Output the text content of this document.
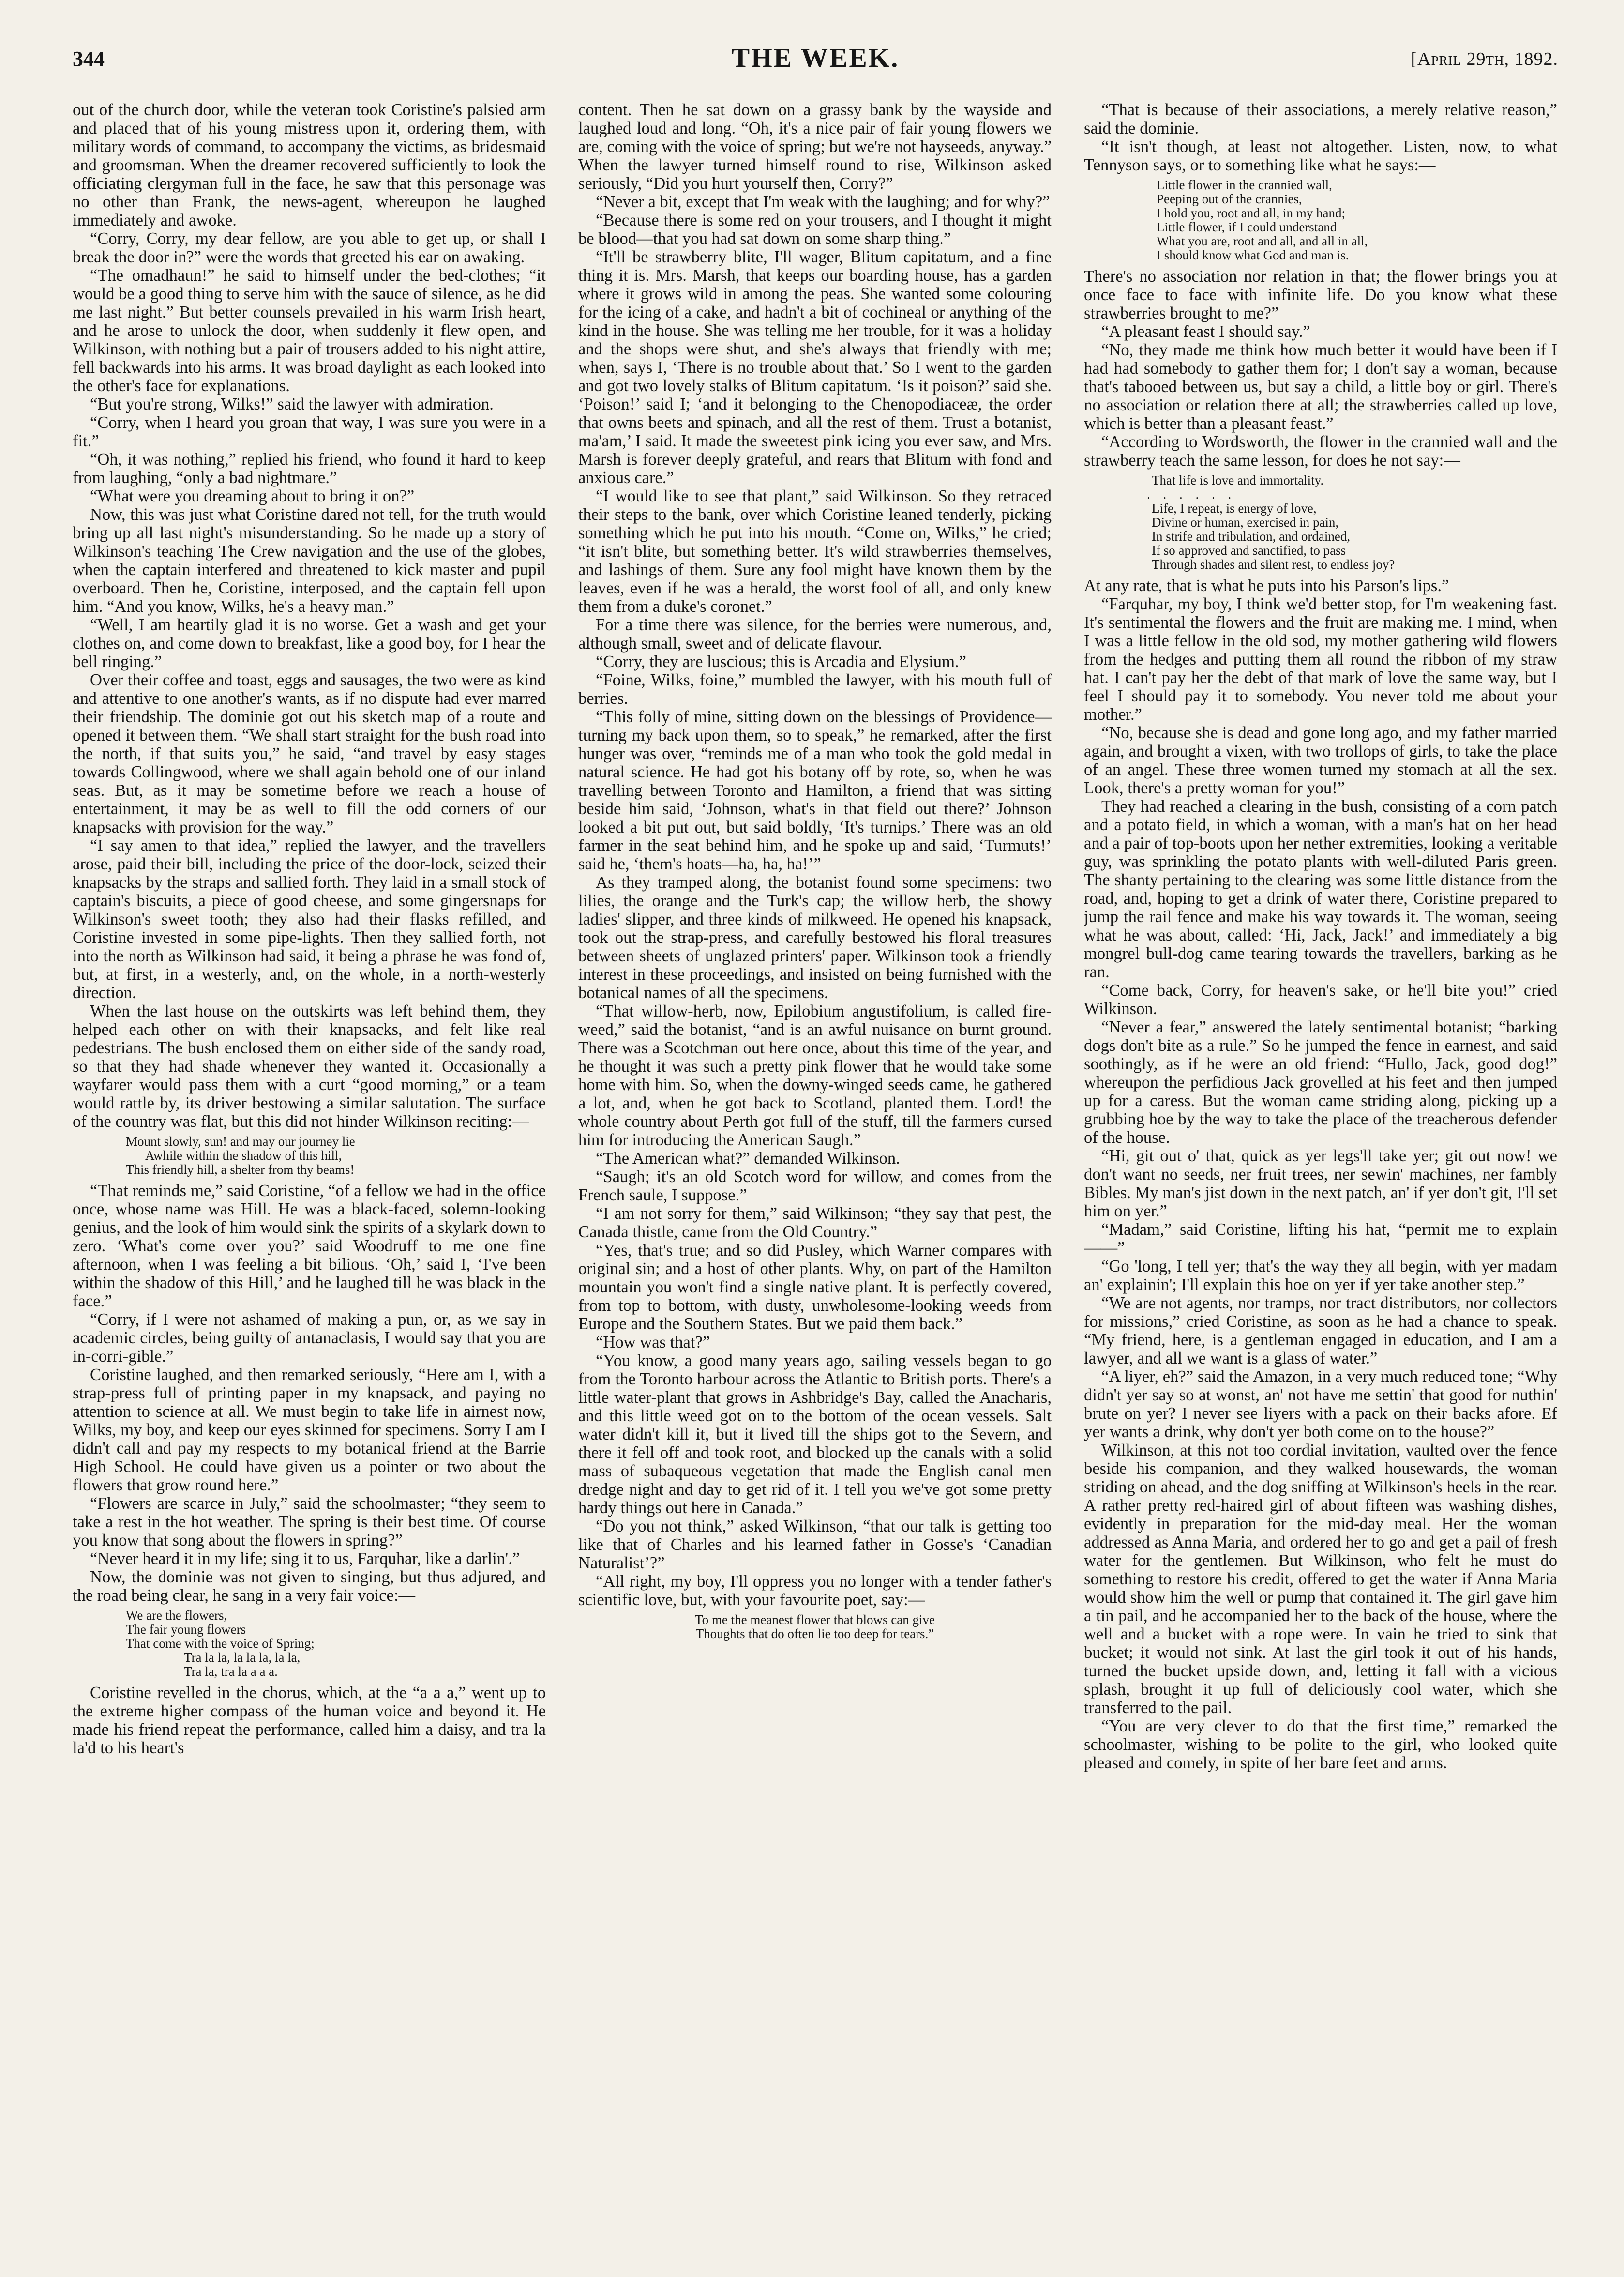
344	THE WEEK.	[April 29th, 1892.

out of the church door, while the veteran took Coristine's palsied arm and placed that of his young mistress upon it, ordering them, with military words of command, to accompany the victims, as bridesmaid and groomsman. When the dreamer recovered sufficiently to look the officiating clergyman full in the face, he saw that this personage was no other than Frank, the news-agent, whereupon he laughed immediately and awoke.

“Corry, Corry, my dear fellow, are you able to get up, or shall I break the door in?” were the words that greeted his ear on awaking.

“The omadhaun!” he said to himself under the bed-clothes; “it would be a good thing to serve him with the sauce of silence, as he did me last night.” But better counsels prevailed in his warm Irish heart, and he arose to unlock the door, when suddenly it flew open, and Wilkinson, with nothing but a pair of trousers added to his night attire, fell backwards into his arms. It was broad daylight as each looked into the other's face for explanations.

“But you're strong, Wilks!” said the lawyer with admiration.

“Corry, when I heard you groan that way, I was sure you were in a fit.”

“Oh, it was nothing,” replied his friend, who found it hard to keep from laughing, “only a bad nightmare.”

“What were you dreaming about to bring it on?”

Now, this was just what Coristine dared not tell, for the truth would bring up all last night's misunderstanding. So he made up a story of Wilkinson's teaching The Crew navigation and the use of the globes, when the captain interfered and threatened to kick master and pupil overboard. Then he, Coristine, interposed, and the captain fell upon him. “And you know, Wilks, he's a heavy man.”

“Well, I am heartily glad it is no worse. Get a wash and get your clothes on, and come down to breakfast, like a good boy, for I hear the bell ringing.”

Over their coffee and toast, eggs and sausages, the two were as kind and attentive to one another's wants, as if no dispute had ever marred their friendship. The dominie got out his sketch map of a route and opened it between them. “We shall start straight for the bush road into the north, if that suits you,” he said, “and travel by easy stages towards Collingwood, where we shall again behold one of our inland seas. But, as it may be sometime before we reach a house of entertainment, it may be as well to fill the odd corners of our knapsacks with provision for the way.”

“I say amen to that idea,” replied the lawyer, and the travellers arose, paid their bill, including the price of the door-lock, seized their knapsacks by the straps and sallied forth. They laid in a small stock of captain's biscuits, a piece of good cheese, and some gingersnaps for Wilkinson's sweet tooth; they also had their flasks refilled, and Coristine invested in some pipe-lights. Then they sallied forth, not into the north as Wilkinson had said, it being a phrase he was fond of, but, at first, in a westerly, and, on the whole, in a north-westerly direction.

When the last house on the outskirts was left behind them, they helped each other on with their knapsacks, and felt like real pedestrians. The bush enclosed them on either side of the sandy road, so that they had shade whenever they wanted it. Occasionally a wayfarer would pass them with a curt “good morning,” or a team would rattle by, its driver bestowing a similar salutation. The surface of the country was flat, but this did not hinder Wilkinson reciting:—

Mount slowly, sun! and may our journey lie
Awhile within the shadow of this hill,
This friendly hill, a shelter from thy beams!

“That reminds me,” said Coristine, “of a fellow we had in the office once, whose name was Hill. He was a black-faced, solemn-looking genius, and the look of him would sink the spirits of a skylark down to zero. ‘What's come over you?’ said Woodruff to me one fine afternoon, when I was feeling a bit bilious. ‘Oh,’ said I, ‘I've been within the shadow of this Hill,’ and he laughed till he was black in the face.”

“Corry, if I were not ashamed of making a pun, or, as we say in academic circles, being guilty of antanaclasis, I would say that you are in-corri-gible.”

Coristine laughed, and then remarked seriously, “Here am I, with a strap-press full of printing paper in my knapsack, and paying no attention to science at all. We must begin to take life in airnest now, Wilks, my boy, and keep our eyes skinned for specimens. Sorry I am I didn't call and pay my respects to my botanical friend at the Barrie High School. He could have given us a pointer or two about the flowers that grow round here.”

“Flowers are scarce in July,” said the schoolmaster; “they seem to take a rest in the hot weather. The spring is their best time. Of course you know that song about the flowers in spring?”

“Never heard it in my life; sing it to us, Farquhar, like a darlin'.”

Now, the dominie was not given to singing, but thus adjured, and the road being clear, he sang in a very fair voice:—

We are the flowers,
The fair young flowers
That come with the voice of Spring;
Tra la la, la la la, la la,
Tra la, tra la a a a.

Coristine revelled in the chorus, which, at the “a a a,” went up to the extreme higher compass of the human voice and beyond it. He made his friend repeat the performance, called him a daisy, and tra la la'd to his heart's

content. Then he sat down on a grassy bank by the wayside and laughed loud and long. “Oh, it's a nice pair of fair young flowers we are, coming with the voice of spring; but we're not hayseeds, anyway.” When the lawyer turned himself round to rise, Wilkinson asked seriously, “Did you hurt yourself then, Corry?”

“Never a bit, except that I'm weak with the laughing; and for why?”

“Because there is some red on your trousers, and I thought it might be blood—that you had sat down on some sharp thing.”

“It'll be strawberry blite, I'll wager, Blitum capitatum, and a fine thing it is. Mrs. Marsh, that keeps our boarding house, has a garden where it grows wild in among the peas. She wanted some colouring for the icing of a cake, and hadn't a bit of cochineal or anything of the kind in the house. She was telling me her trouble, for it was a holiday and the shops were shut, and she's always that friendly with me; when, says I, ‘There is no trouble about that.’ So I went to the garden and got two lovely stalks of Blitum capitatum. ‘Is it poison?’ said she. ‘Poison!’ said I; ‘and it belonging to the Chenopodiaceæ, the order that owns beets and spinach, and all the rest of them. Trust a botanist, ma'am,’ I said. It made the sweetest pink icing you ever saw, and Mrs. Marsh is forever deeply grateful, and rears that Blitum with fond and anxious care.”

“I would like to see that plant,” said Wilkinson. So they retraced their steps to the bank, over which Coristine leaned tenderly, picking something which he put into his mouth. “Come on, Wilks,” he cried; “it isn't blite, but something better. It's wild strawberries themselves, and lashings of them. Sure any fool might have known them by the leaves, even if he was a herald, the worst fool of all, and only knew them from a duke's coronet.”

For a time there was silence, for the berries were numerous, and, although small, sweet and of delicate flavour.

“Corry, they are luscious; this is Arcadia and Elysium.”

“Foine, Wilks, foine,” mumbled the lawyer, with his mouth full of berries.

“This folly of mine, sitting down on the blessings of Providence—turning my back upon them, so to speak,” he remarked, after the first hunger was over, “reminds me of a man who took the gold medal in natural science. He had got his botany off by rote, so, when he was travelling between Toronto and Hamilton, a friend that was sitting beside him said, ‘Johnson, what's in that field out there?’ Johnson looked a bit put out, but said boldly, ‘It's turnips.’ There was an old farmer in the seat behind him, and he spoke up and said, ‘Turmuts!’ said he, ‘them's hoats—ha, ha, ha!’”

As they tramped along, the botanist found some specimens: two lilies, the orange and the Turk's cap; the willow herb, the showy ladies' slipper, and three kinds of milkweed. He opened his knapsack, took out the strap-press, and carefully bestowed his floral treasures between sheets of unglazed printers' paper. Wilkinson took a friendly interest in these proceedings, and insisted on being furnished with the botanical names of all the specimens.

“That willow-herb, now, Epilobium angustifolium, is called fire-weed,” said the botanist, “and is an awful nuisance on burnt ground. There was a Scotchman out here once, about this time of the year, and he thought it was such a pretty pink flower that he would take some home with him. So, when the downy-winged seeds came, he gathered a lot, and, when he got back to Scotland, planted them. Lord! the whole country about Perth got full of the stuff, till the farmers cursed him for introducing the American Saugh.”

“The American what?” demanded Wilkinson.

“Saugh; it's an old Scotch word for willow, and comes from the French saule, I suppose.”

“I am not sorry for them,” said Wilkinson; “they say that pest, the Canada thistle, came from the Old Country.”

“Yes, that's true; and so did Pusley, which Warner compares with original sin; and a host of other plants. Why, on part of the Hamilton mountain you won't find a single native plant. It is perfectly covered, from top to bottom, with dusty, unwholesome-looking weeds from Europe and the Southern States. But we paid them back.”

“How was that?”

“You know, a good many years ago, sailing vessels began to go from the Toronto harbour across the Atlantic to British ports. There's a little water-plant that grows in Ashbridge's Bay, called the Anacharis, and this little weed got on to the bottom of the ocean vessels. Salt water didn't kill it, but it lived till the ships got to the Severn, and there it fell off and took root, and blocked up the canals with a solid mass of subaqueous vegetation that made the English canal men dredge night and day to get rid of it. I tell you we've got some pretty hardy things out here in Canada.”

“Do you not think,” asked Wilkinson, “that our talk is getting too like that of Charles and his learned father in Gosse's ‘Canadian Naturalist’?”

“All right, my boy, I'll oppress you no longer with a tender father's scientific love, but, with your favourite poet, say:—

To me the meanest flower that blows can give
Thoughts that do often lie too deep for tears.”

“That is because of their associations, a merely relative reason,” said the dominie.

“It isn't though, at least not altogether. Listen, now, to what Tennyson says, or to something like what he says:—

Little flower in the crannied wall,
Peeping out of the crannies,
I hold you, root and all, in my hand;
Little flower, if I could understand
What you are, root and all, and all in all,
I should know what God and man is.

There's no association nor relation in that; the flower brings you at once face to face with infinite life. Do you know what these strawberries brought to me?”

“A pleasant feast I should say.”

“No, they made me think how much better it would have been if I had had somebody to gather them for; I don't say a woman, because that's tabooed between us, but say a child, a little boy or girl. There's no association or relation there at all; the strawberries called up love, which is better than a pleasant feast.”

“According to Wordsworth, the flower in the crannied wall and the strawberry teach the same lesson, for does he not say:—

That life is love and immortality.
. . . . . .
Life, I repeat, is energy of love,
Divine or human, exercised in pain,
In strife and tribulation, and ordained,
If so approved and sanctified, to pass
Through shades and silent rest, to endless joy?

At any rate, that is what he puts into his Parson's lips.”

“Farquhar, my boy, I think we'd better stop, for I'm weakening fast. It's sentimental the flowers and the fruit are making me. I mind, when I was a little fellow in the old sod, my mother gathering wild flowers from the hedges and putting them all round the ribbon of my straw hat. I can't pay her the debt of that mark of love the same way, but I feel I should pay it to somebody. You never told me about your mother.”

“No, because she is dead and gone long ago, and my father married again, and brought a vixen, with two trollops of girls, to take the place of an angel. These three women turned my stomach at all the sex. Look, there's a pretty woman for you!”

They had reached a clearing in the bush, consisting of a corn patch and a potato field, in which a woman, with a man's hat on her head and a pair of top-boots upon her nether extremities, looking a veritable guy, was sprinkling the potato plants with well-diluted Paris green. The shanty pertaining to the clearing was some little distance from the road, and, hoping to get a drink of water there, Coristine prepared to jump the rail fence and make his way towards it. The woman, seeing what he was about, called: ‘Hi, Jack, Jack!’ and immediately a big mongrel bull-dog came tearing towards the travellers, barking as he ran.

“Come back, Corry, for heaven's sake, or he'll bite you!” cried Wilkinson.

“Never a fear,” answered the lately sentimental botanist; “barking dogs don't bite as a rule.” So he jumped the fence in earnest, and said soothingly, as if he were an old friend: “Hullo, Jack, good dog!” whereupon the perfidious Jack grovelled at his feet and then jumped up for a caress. But the woman came striding along, picking up a grubbing hoe by the way to take the place of the treacherous defender of the house.

“Hi, git out o' that, quick as yer legs'll take yer; git out now! we don't want no seeds, ner fruit trees, ner sewin' machines, ner fambly Bibles. My man's jist down in the next patch, an' if yer don't git, I'll set him on yer.”

“Madam,” said Coristine, lifting his hat, “permit me to explain ——”

“Go 'long, I tell yer; that's the way they all begin, with yer madam an' explainin'; I'll explain this hoe on yer if yer take another step.”

“We are not agents, nor tramps, nor tract distributors, nor collectors for missions,” cried Coristine, as soon as he had a chance to speak. “My friend, here, is a gentleman engaged in education, and I am a lawyer, and all we want is a glass of water.”

“A liyer, eh?” said the Amazon, in a very much reduced tone; “Why didn't yer say so at wonst, an' not have me settin' that good for nuthin' brute on yer? I never see liyers with a pack on their backs afore. Ef yer wants a drink, why don't yer both come on to the house?”

Wilkinson, at this not too cordial invitation, vaulted over the fence beside his companion, and they walked housewards, the woman striding on ahead, and the dog sniffing at Wilkinson's heels in the rear. A rather pretty red-haired girl of about fifteen was washing dishes, evidently in preparation for the mid-day meal. Her the woman addressed as Anna Maria, and ordered her to go and get a pail of fresh water for the gentlemen. But Wilkinson, who felt he must do something to restore his credit, offered to get the water if Anna Maria would show him the well or pump that contained it. The girl gave him a tin pail, and he accompanied her to the back of the house, where the well and a bucket with a rope were. In vain he tried to sink that bucket; it would not sink. At last the girl took it out of his hands, turned the bucket upside down, and, letting it fall with a vicious splash, brought it up full of deliciously cool water, which she transferred to the pail.

“You are very clever to do that the first time,” remarked the schoolmaster, wishing to be polite to the girl, who looked quite pleased and comely, in spite of her bare feet and arms.
